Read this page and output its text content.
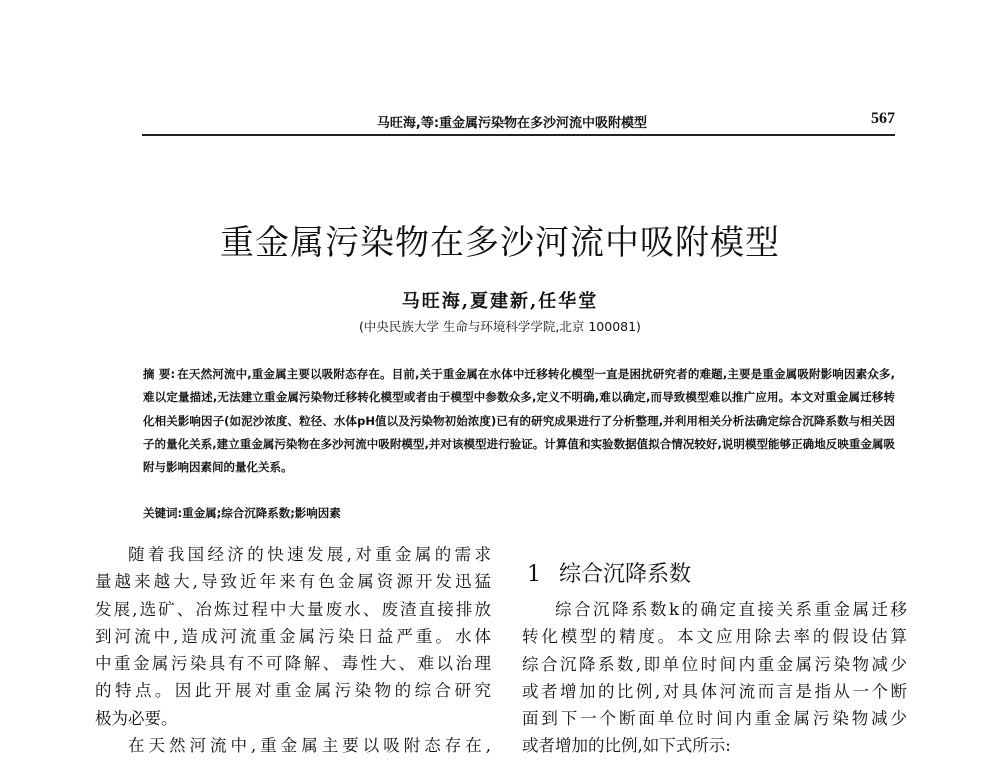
马旺海,等:重金属污染物在多沙河流中吸附模型	567
重金属污染物在多沙河流中吸附模型
马旺海,夏建新,任华堂
(中央民族大学 生命与环境科学学院,北京 100081)
摘 要: 在天然河流中,重金属主要以吸附态存在。目前,关于重金属在水体中迁移转化模型一直是困扰研究者的难题,主要是重金属吸附影响因素众多,难以定量描述,无法建立重金属污染物迁移转化模型或者由于模型中参数众多,定义不明确,难以确定,而导致模型难以推广应用。本文对重金属迁移转化相关影响因子(如泥沙浓度、粒径、水体pH值以及污染物初始浓度)已有的研究成果进行了分析整理,并利用相关分析法确定综合沉降系数与相关因子的量化关系,建立重金属污染物在多沙河流中吸附模型,并对该模型进行验证。计算值和实验数据值拟合情况较好,说明模型能够正确地反映重金属吸附与影响因素间的量化关系。
关键词:重金属;综合沉降系数;影响因素
随着我国经济的快速发展,对重金属的需求
量越来越大,导致近年来有色金属资源开发迅猛
发展,选矿、冶炼过程中大量废水、废渣直接排放
到河流中,造成河流重金属污染日益严重。水体
中重金属污染具有不可降解、毒性大、难以治理
的特点。因此开展对重金属污染物的综合研究
极为必要。
在天然河流中,重金属主要以吸附态存在,
1 综合沉降系数
综合沉降系数k的确定直接关系重金属迁移
转化模型的精度。本文应用除去率的假设估算
综合沉降系数,即单位时间内重金属污染物减少
或者增加的比例,对具体河流而言是指从一个断
面到下一个断面单位时间内重金属污染物减少
或者增加的比例,如下式所示:
